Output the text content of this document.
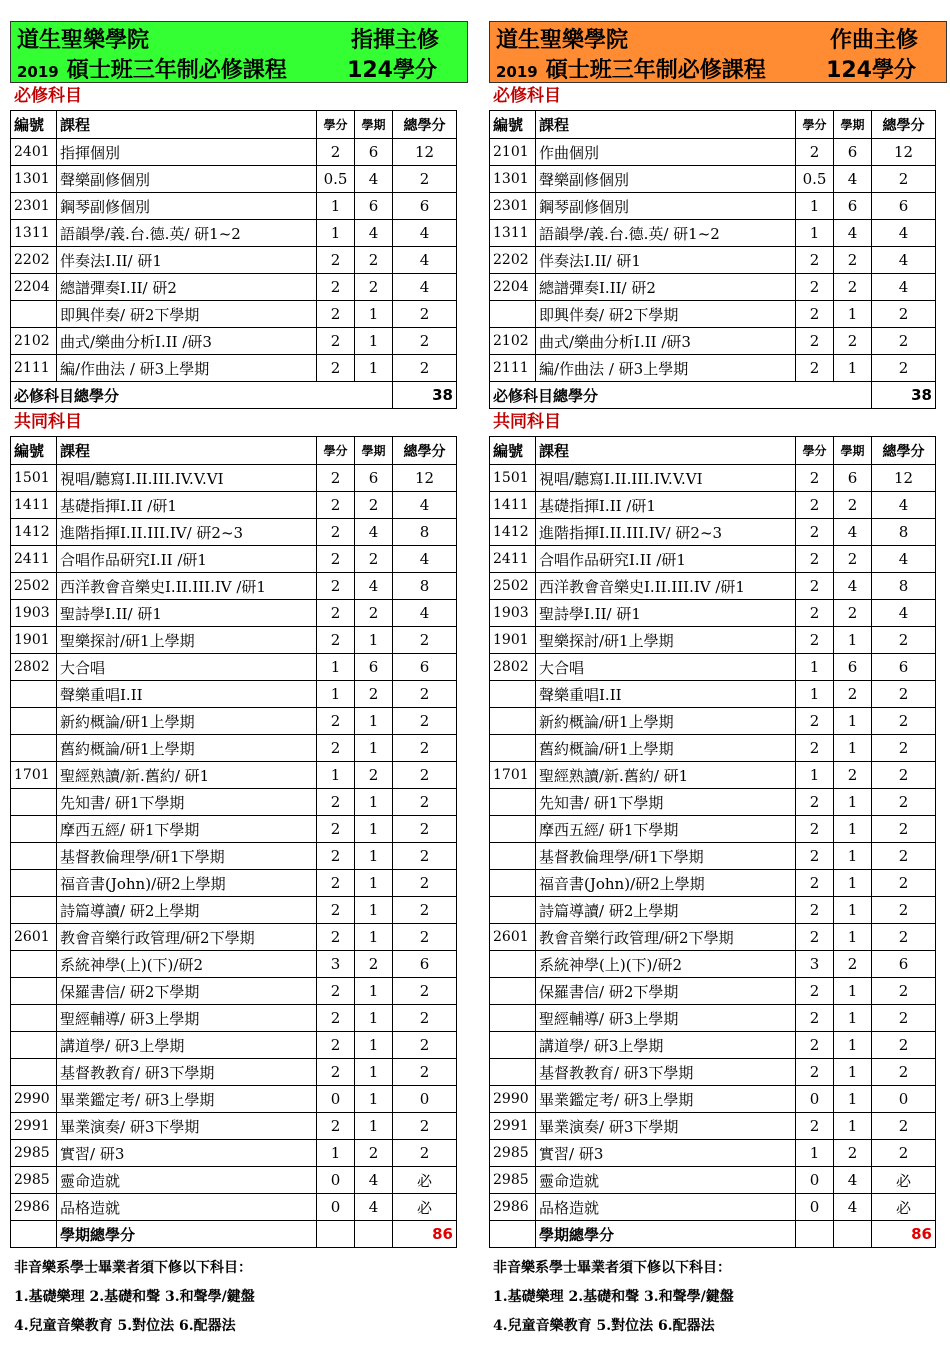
道生聖樂學院	指揮主修
2019 碩士班三年制必修課程	124學分
必修科目
編號	課程	學分	學期	總學分
2401	指揮個別	2	6	12
1301	聲樂副修個別	0.5	4	2
2301	鋼琴副修個別	1	6	6
1311	語韻學/義.台.德.英/ 研1~2	1	4	4
2202	伴奏法I.II/ 研1	2	2	4
2204	總譜彈奏I.II/ 研2	2	2	4
	即興伴奏/ 研2下學期	2	1	2
2102	曲式/樂曲分析I.II /研3	2	1	2
2111	編/作曲法 / 研3上學期	2	1	2
必修科目總學分				38
共同科目
編號	課程	學分	學期	總學分
1501	視唱/聽寫I.II.III.IV.V.VI	2	6	12
1411	基礎指揮I.II /研1	2	2	4
1412	進階指揮I.II.III.IV/ 研2~3	2	4	8
2411	合唱作品研究I.II /研1	2	2	4
2502	西洋教會音樂史I.II.III.IV /研1	2	4	8
1903	聖詩學I.II/ 研1	2	2	4
1901	聖樂探討/研1上學期	2	1	2
2802	大合唱	1	6	6
	聲樂重唱I.II	1	2	2
	新約概論/研1上學期	2	1	2
	舊約概論/研1上學期	2	1	2
1701	聖經熟讀/新.舊約/ 研1	1	2	2
	先知書/ 研1下學期	2	1	2
	摩西五經/ 研1下學期	2	1	2
	基督教倫理學/研1下學期	2	1	2
	福音書(John)/研2上學期	2	1	2
	詩篇導讀/ 研2上學期	2	1	2
2601	教會音樂行政管理/研2下學期	2	1	2
	系統神學(上)(下)/研2	3	2	6
	保羅書信/ 研2下學期	2	1	2
	聖經輔導/ 研3上學期	2	1	2
	講道學/ 研3上學期	2	1	2
	基督教教育/ 研3下學期	2	1	2
2990	畢業鑑定考/ 研3上學期	0	1	0
2991	畢業演奏/ 研3下學期	2	1	2
2985	實習/ 研3	1	2	2
2985	靈命造就	0	4	必
2986	品格造就	0	4	必
	學期總學分			86
非音樂系學士畢業者須下修以下科目：
1.基礎樂理 2.基礎和聲 3.和聲學/鍵盤
4.兒童音樂教育 5.對位法 6.配器法
道生聖樂學院	作曲主修
2019 碩士班三年制必修課程	124學分
必修科目
編號	課程	學分	學期	總學分
2101	作曲個別	2	6	12
1301	聲樂副修個別	0.5	4	2
2301	鋼琴副修個別	1	6	6
1311	語韻學/義.台.德.英/ 研1~2	1	4	4
2202	伴奏法I.II/ 研1	2	2	4
2204	總譜彈奏I.II/ 研2	2	2	4
	即興伴奏/ 研2下學期	2	1	2
2102	曲式/樂曲分析I.II /研3	2	2	2
2111	編/作曲法 / 研3上學期	2	1	2
必修科目總學分				38
共同科目
編號	課程	學分	學期	總學分
1501	視唱/聽寫I.II.III.IV.V.VI	2	6	12
1411	基礎指揮I.II /研1	2	2	4
1412	進階指揮I.II.III.IV/ 研2~3	2	4	8
2411	合唱作品研究I.II /研1	2	2	4
2502	西洋教會音樂史I.II.III.IV /研1	2	4	8
1903	聖詩學I.II/ 研1	2	2	4
1901	聖樂探討/研1上學期	2	1	2
2802	大合唱	1	6	6
	聲樂重唱I.II	1	2	2
	新約概論/研1上學期	2	1	2
	舊約概論/研1上學期	2	1	2
1701	聖經熟讀/新.舊約/ 研1	1	2	2
	先知書/ 研1下學期	2	1	2
	摩西五經/ 研1下學期	2	1	2
	基督教倫理學/研1下學期	2	1	2
	福音書(John)/研2上學期	2	1	2
	詩篇導讀/ 研2上學期	2	1	2
2601	教會音樂行政管理/研2下學期	2	1	2
	系統神學(上)(下)/研2	3	2	6
	保羅書信/ 研2下學期	2	1	2
	聖經輔導/ 研3上學期	2	1	2
	講道學/ 研3上學期	2	1	2
	基督教教育/ 研3下學期	2	1	2
2990	畢業鑑定考/ 研3上學期	0	1	0
2991	畢業演奏/ 研3下學期	2	1	2
2985	實習/ 研3	1	2	2
2985	靈命造就	0	4	必
2986	品格造就	0	4	必
	學期總學分			86
非音樂系學士畢業者須下修以下科目：
1.基礎樂理 2.基礎和聲 3.和聲學/鍵盤
4.兒童音樂教育 5.對位法 6.配器法
